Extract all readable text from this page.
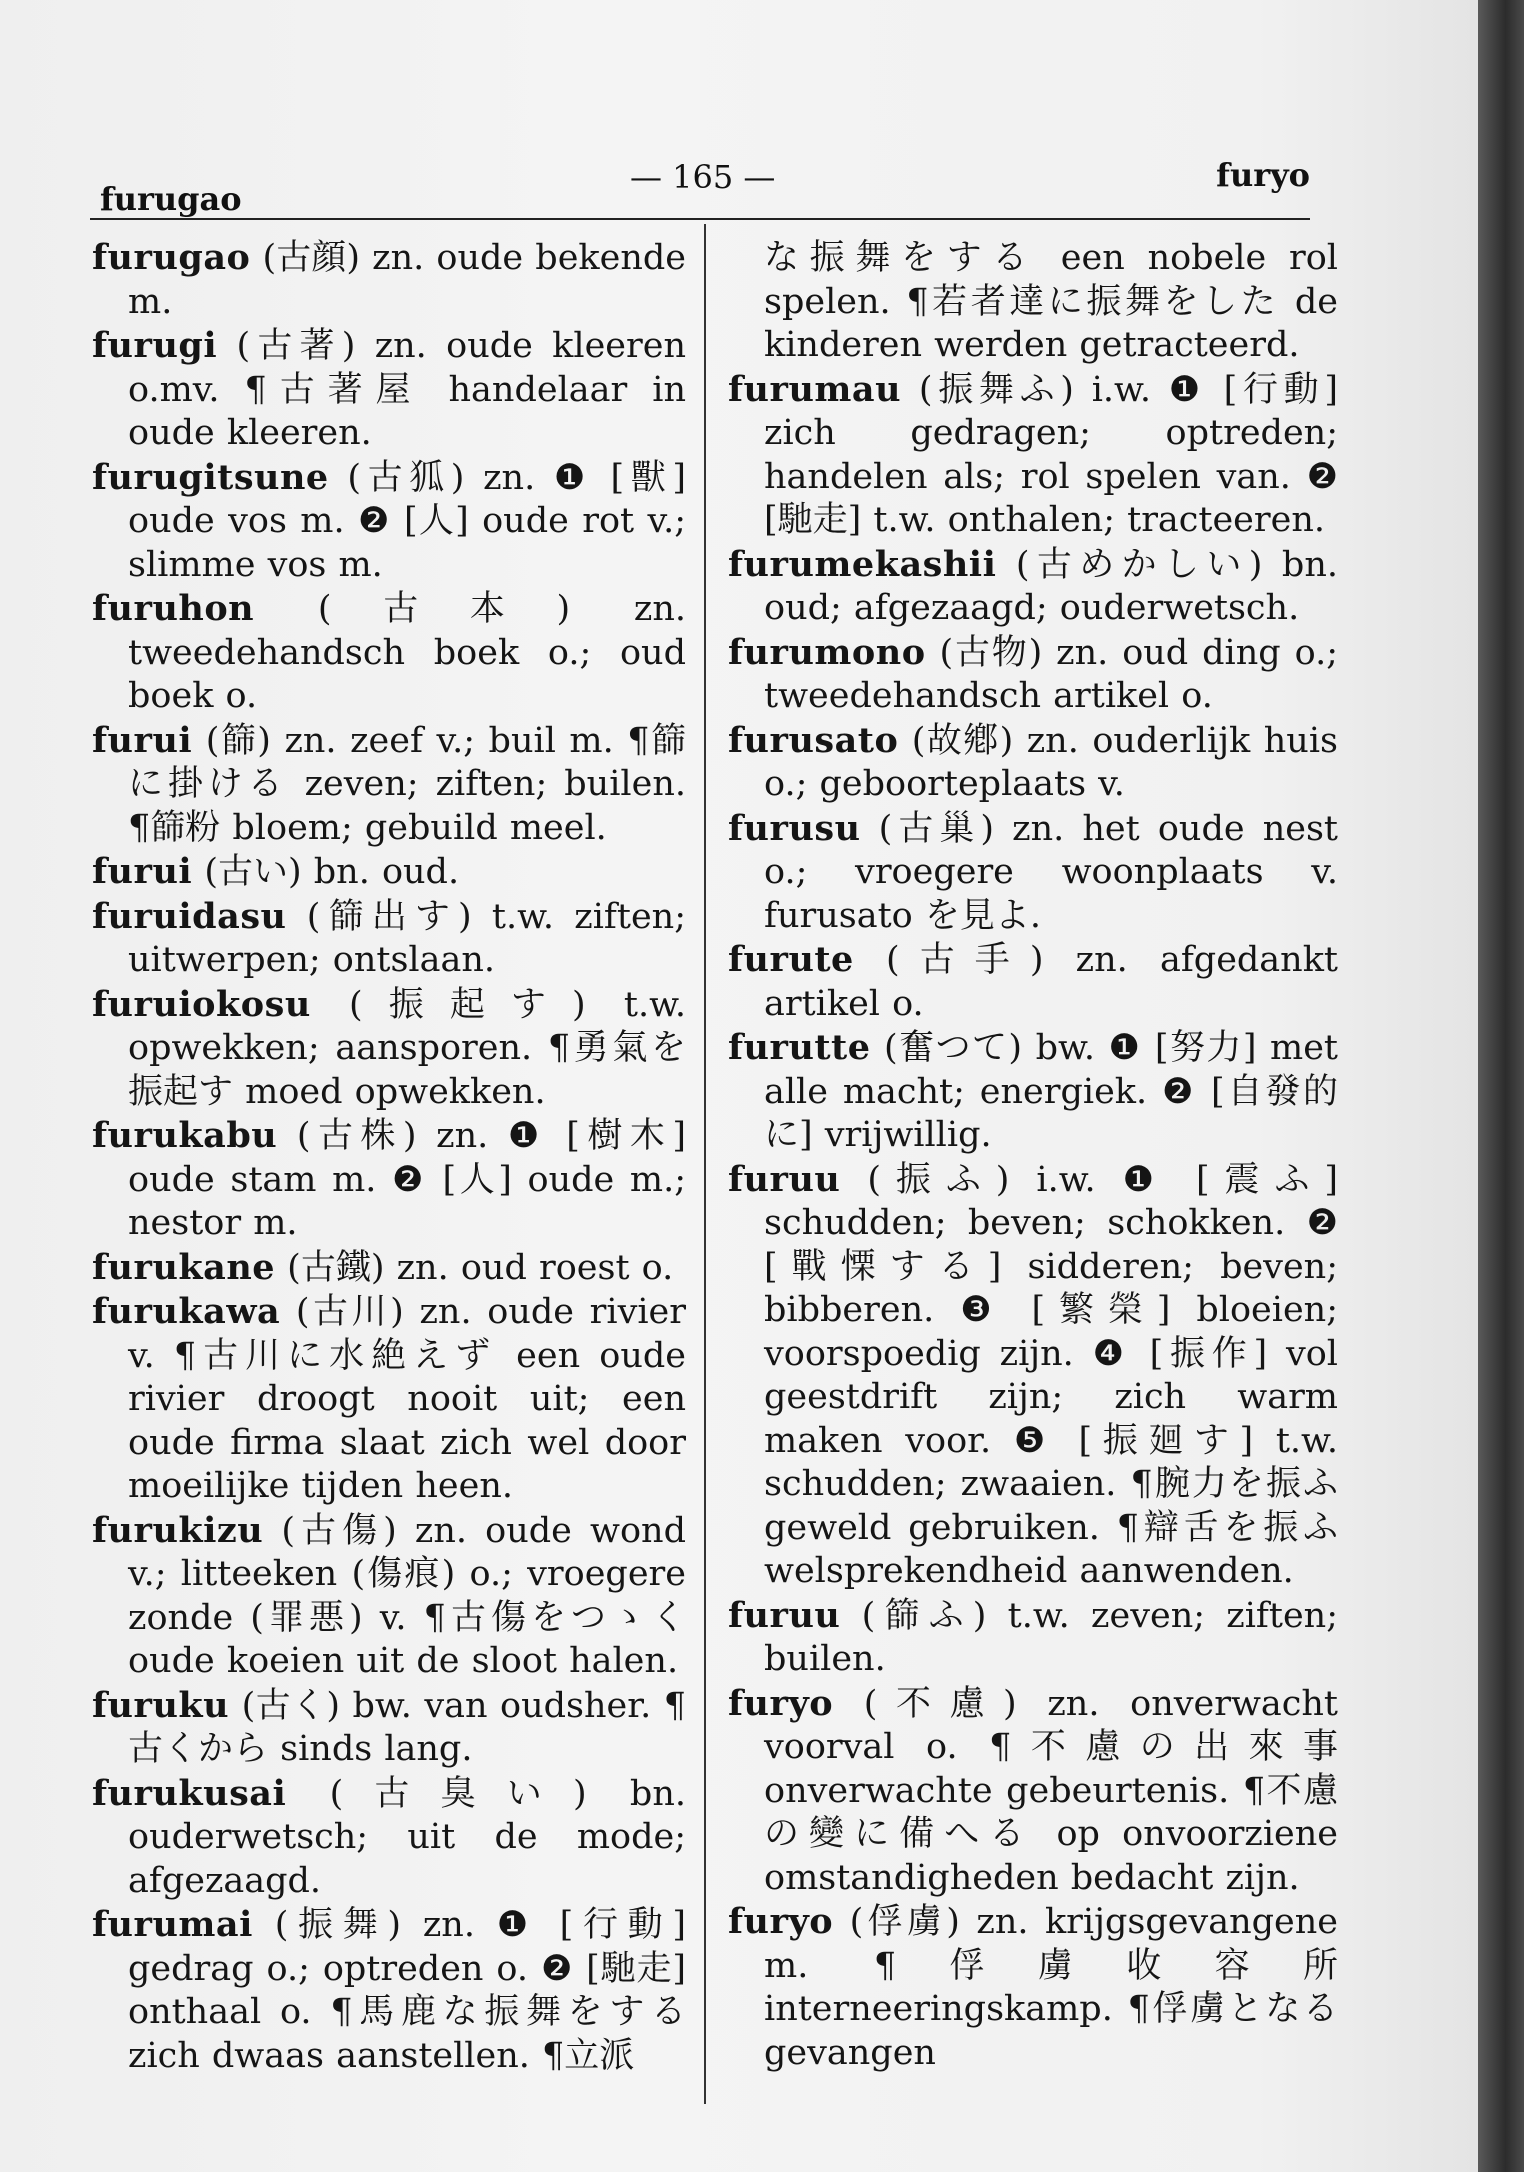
furugao
— 165 —	furyo

furugao (古顔) zn. oude bekende m.

furugi (古著) zn. oude kleeren o.mv. ¶古著屋 handelaar in oude kleeren.

furugitsune (古狐) zn. ❶ [獸] oude vos m. ❷ [人] oude rot v.; slimme vos m.

furuhon (古本) zn. tweedehandsch boek o.; oud boek o.

furui (篩) zn. zeef v.; buil m. ¶篩に掛ける zeven; ziften; builen. ¶篩粉 bloem; gebuild meel.

furui (古い) bn. oud.

furuidasu (篩出す) t.w. ziften; uitwerpen; ontslaan.

furuiokosu (振起す) t.w. opwekken; aansporen. ¶勇氣を振起す moed opwekken.

furukabu (古株) zn. ❶ [樹木] oude stam m. ❷ [人] oude m.; nestor m.

furukane (古鐵) zn. oud roest o.

furukawa (古川) zn. oude rivier v. ¶古川に水絶えず een oude rivier droogt nooit uit; een oude firma slaat zich wel door moeilijke tijden heen.

furukizu (古傷) zn. oude wond v.; litteeken (傷痕) o.; vroegere zonde (罪悪) v. ¶古傷をつゝく oude koeien uit de sloot halen.

furuku (古く) bw. van oudsher. ¶古くから sinds lang.

furukusai (古臭い) bn. ouderwetsch; uit de mode; afgezaagd.

furumai (振舞) zn. ❶ [行動] gedrag o.; optreden o. ❷ [馳走] onthaal o. ¶馬鹿な振舞をする zich dwaas aanstellen. ¶立派

な振舞をする een nobele rol spelen. ¶若者達に振舞をした de kinderen werden getracteerd.

furumau (振舞ふ) i.w. ❶ [行動] zich gedragen; optreden; handelen als; rol spelen van. ❷ [馳走] t.w. onthalen; tracteeren.

furumekashii (古めかしい) bn. oud; afgezaagd; ouderwetsch.

furumono (古物) zn. oud ding o.; tweedehandsch artikel o.

furusato (故鄕) zn. ouderlijk huis o.; geboorteplaats v.

furusu (古巢) zn. het oude nest o.; vroegere woonplaats v. furusato を見よ.

furute (古手) zn. afgedankt artikel o.

furutte (奮つて) bw. ❶ [努力] met alle macht; energiek. ❷ [自發的に] vrijwillig.

furuu (振ふ) i.w. ❶ [震ふ] schudden; beven; schokken. ❷ [戰慄する] sidderen; beven; bibberen. ❸ [繁榮] bloeien; voorspoedig zijn. ❹ [振作] vol geestdrift zijn; zich warm maken voor. ❺ [振廻す] t.w. schudden; zwaaien. ¶腕力を振ふ geweld gebruiken. ¶辯舌を振ふ welsprekendheid aanwenden.

furuu (篩ふ) t.w. zeven; ziften; builen.

furyo (不慮) zn. onverwacht voorval o. ¶不慮の出來事 onverwachte gebeurtenis. ¶不慮の變に備へる op onvoorziene omstandigheden bedacht zijn.

furyo (俘虜) zn. krijgsgevangene m. ¶俘虜收容所 interneeringskamp. ¶俘虜となる gevangen
